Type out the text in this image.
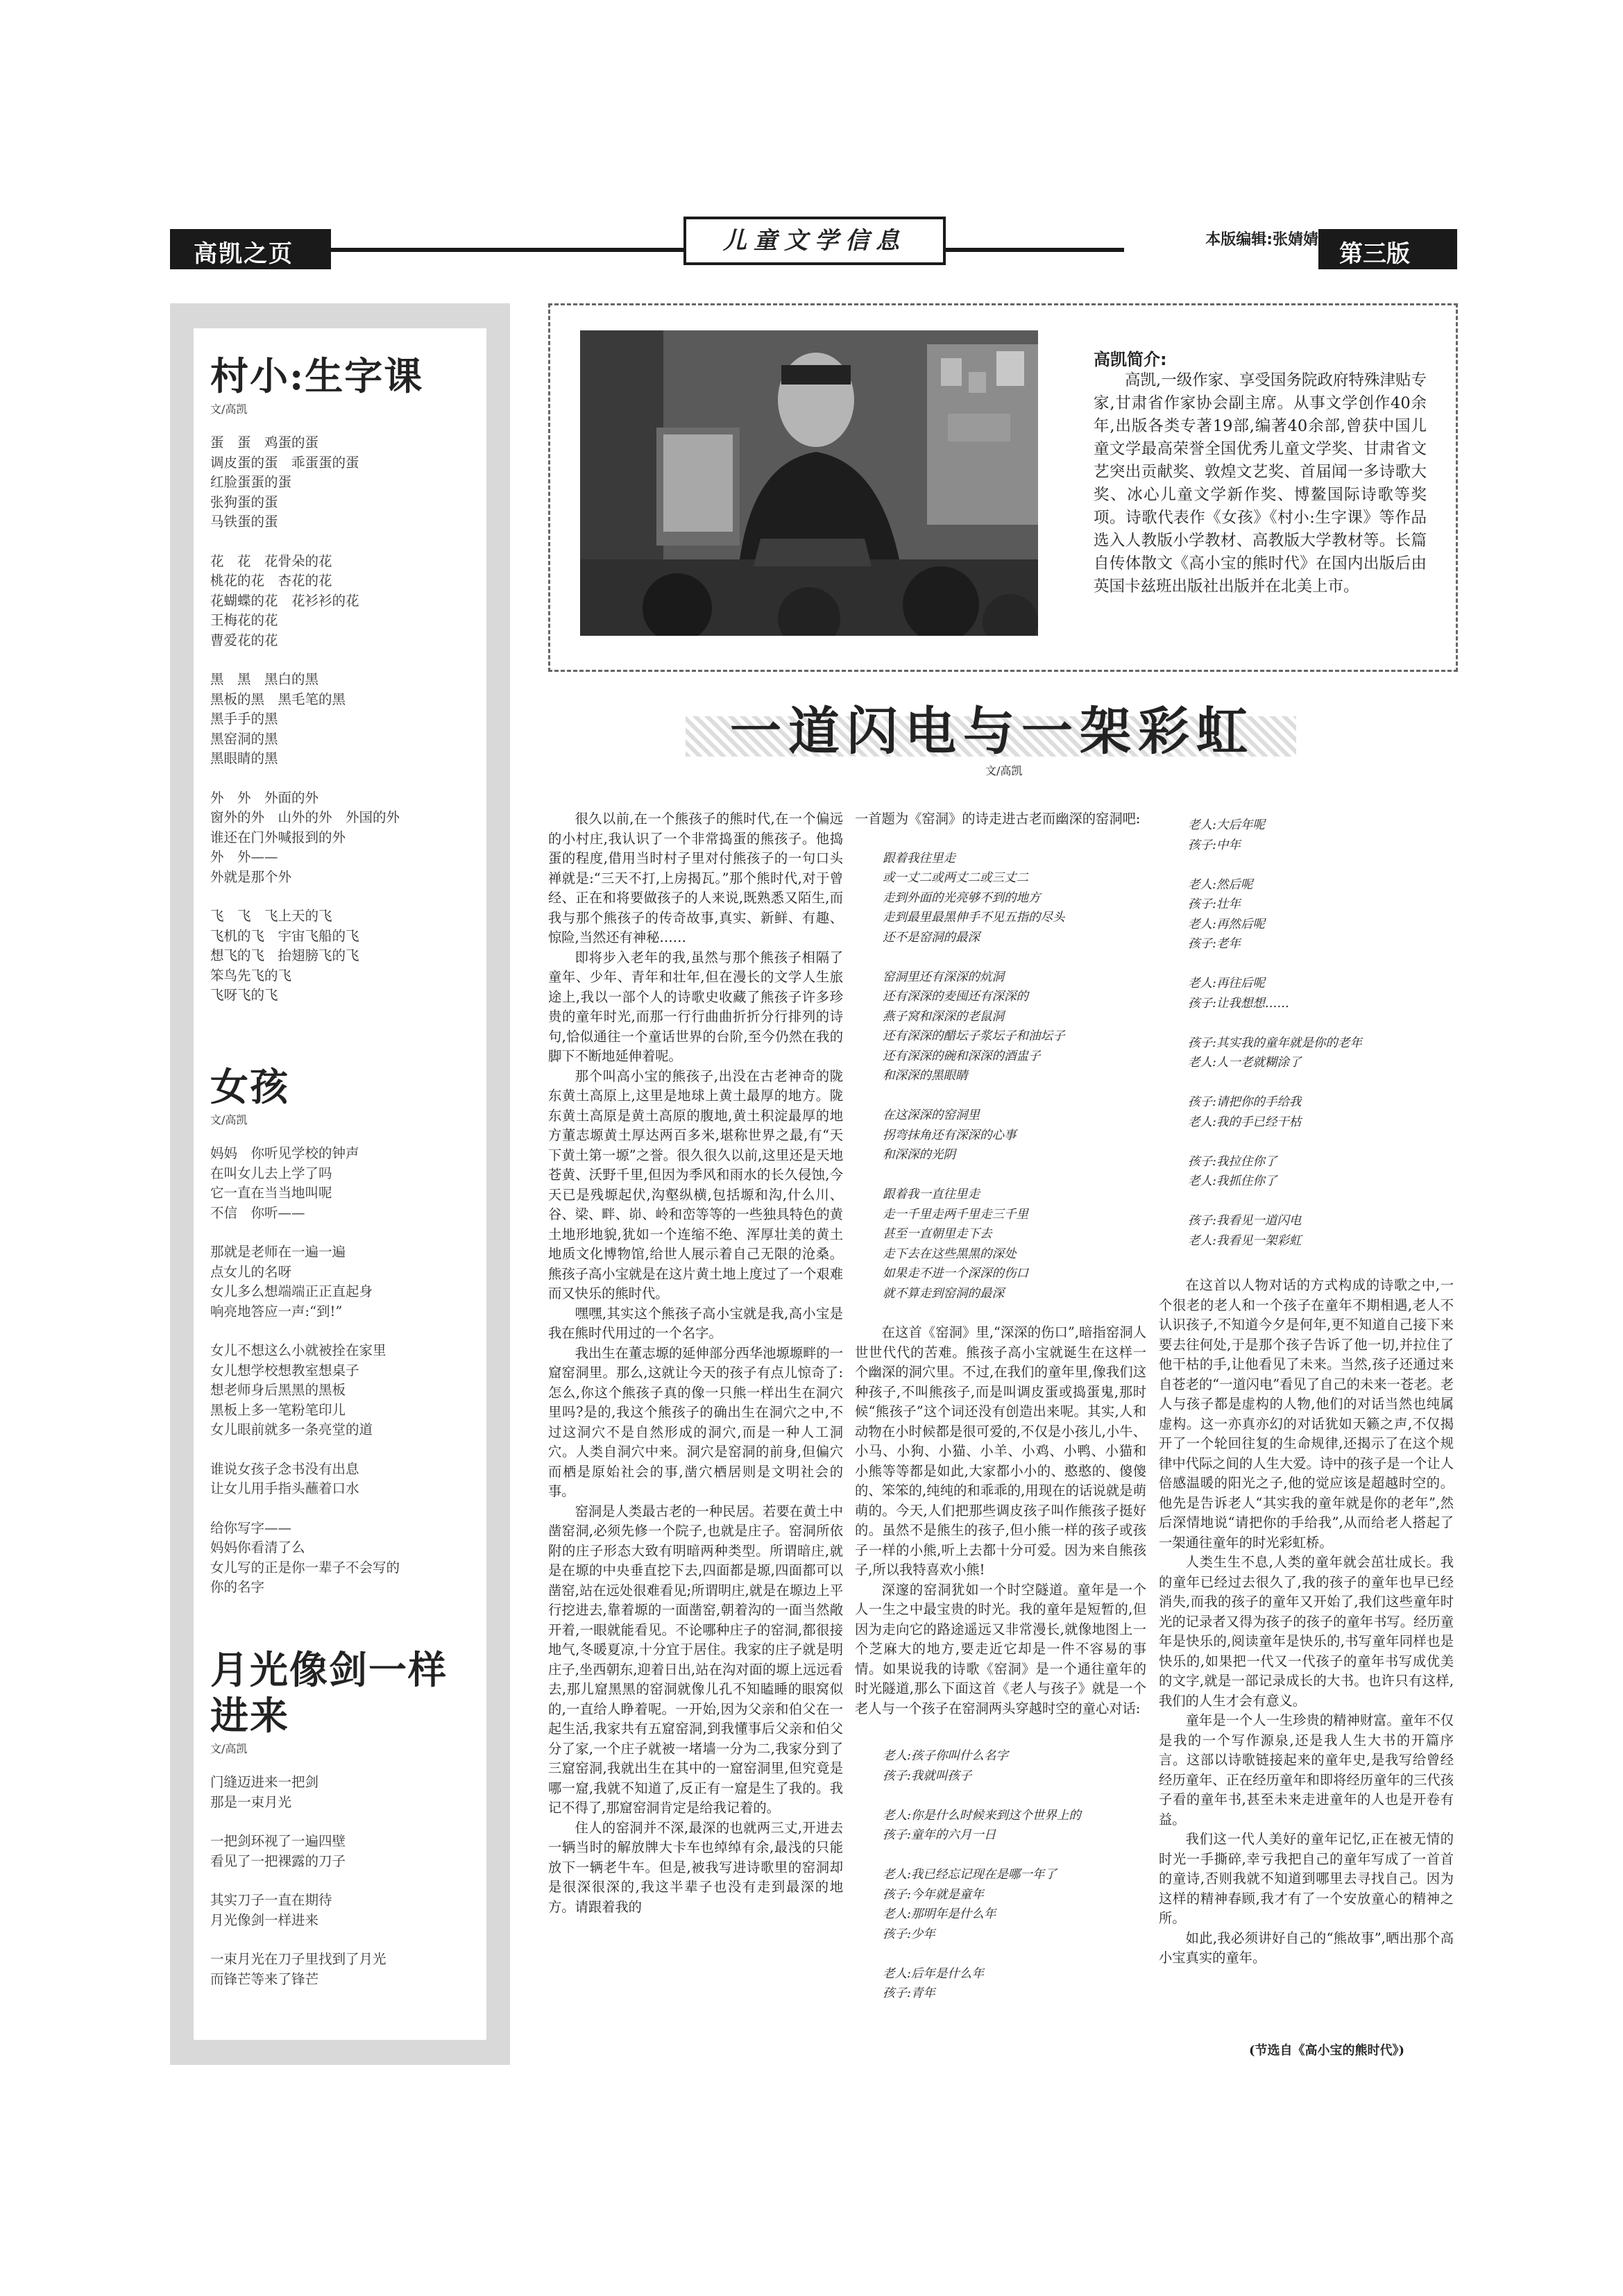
高凯之页	儿童文学信息	本版编辑:张婧婧
第三版
村小:生字课
文/高凯
蛋　蛋　鸡蛋的蛋
调皮蛋的蛋　乖蛋蛋的蛋
红脸蛋蛋的蛋
张狗蛋的蛋
马铁蛋的蛋
花　花　花骨朵的花
桃花的花　杏花的花
花蝴蝶的花　花衫衫的花
王梅花的花
曹爱花的花
黑　黑　黑白的黑
黑板的黑　黑毛笔的黑
黑手手的黑
黑窑洞的黑
黑眼睛的黑
外　外　外面的外
窗外的外　山外的外　外国的外
谁还在门外喊报到的外
外　外——
外就是那个外
飞　飞　飞上天的飞
飞机的飞　宇宙飞船的飞
想飞的飞　抬翅膀飞的飞
笨鸟先飞的飞
飞呀飞的飞
女孩
文/高凯
妈妈　你听见学校的钟声
在叫女儿去上学了吗
它一直在当当地叫呢
不信　你听——
那就是老师在一遍一遍
点女儿的名呀
女儿多么想端端正正直起身
响亮地答应一声:“到!”
女儿不想这么小就被拴在家里
女儿想学校想教室想桌子
想老师身后黑黑的黑板
黑板上多一笔粉笔印儿
女儿眼前就多一条亮堂的道
谁说女孩子念书没有出息
让女儿用手指头蘸着口水
给你写字——
妈妈你看清了么
女儿写的正是你一辈子不会写的
你的名字
月光像剑一样进来
文/高凯
门缝迈进来一把剑
那是一束月光
一把剑环视了一遍四壁
看见了一把裸露的刀子
其实刀子一直在期待
月光像剑一样进来
一束月光在刀子里找到了月光
而锋芒等来了锋芒
高凯简介:
高凯,一级作家、享受国务院政府特殊津贴专家,甘肃省作家协会副主席。从事文学创作40余年,出版各类专著19部,编著40余部,曾获中国儿童文学最高荣誉全国优秀儿童文学奖、甘肃省文艺突出贡献奖、敦煌文艺奖、首届闻一多诗歌大奖、冰心儿童文学新作奖、博鳌国际诗歌等奖项。诗歌代表作《女孩》《村小:生字课》等作品选入人教版小学教材、高教版大学教材等。长篇自传体散文《高小宝的熊时代》在国内出版后由英国卡兹班出版社出版并在北美上市。
一道闪电与一架彩虹
文/高凯

很久以前,在一个熊孩子的熊时代,在一个偏远的小村庄,我认识了一个非常捣蛋的熊孩子。他捣蛋的程度,借用当时村子里对付熊孩子的一句口头禅就是:“三天不打,上房揭瓦。”那个熊时代,对于曾经、正在和将要做孩子的人来说,既熟悉又陌生,而我与那个熊孩子的传奇故事,真实、新鲜、有趣、惊险,当然还有神秘……

即将步入老年的我,虽然与那个熊孩子相隔了童年、少年、青年和壮年,但在漫长的文学人生旅途上,我以一部个人的诗歌史收藏了熊孩子许多珍贵的童年时光,而那一行行曲曲折折分行排列的诗句,恰似通往一个童话世界的台阶,至今仍然在我的脚下不断地延伸着呢。

那个叫高小宝的熊孩子,出没在古老神奇的陇东黄土高原上,这里是地球上黄土最厚的地方。陇东黄土高原是黄土高原的腹地,黄土积淀最厚的地方董志塬黄土厚达两百多米,堪称世界之最,有“天下黄土第一塬”之誉。很久很久以前,这里还是天地苍黄、沃野千里,但因为季风和雨水的长久侵蚀,今天已是残塬起伏,沟壑纵横,包括塬和沟,什么川、谷、梁、畔、峁、岭和峦等等的一些独具特色的黄土地形地貌,犹如一个连缩不绝、浑厚壮美的黄土地质文化博物馆,给世人展示着自己无限的沧桑。熊孩子高小宝就是在这片黄土地上度过了一个艰难而又快乐的熊时代。

嘿嘿,其实这个熊孩子高小宝就是我,高小宝是我在熊时代用过的一个名字。

我出生在董志塬的延伸部分西华池塬塬畔的一窟窑洞里。那么,这就让今天的孩子有点儿惊奇了:怎么,你这个熊孩子真的像一只熊一样出生在洞穴里吗?是的,我这个熊孩子的确出生在洞穴之中,不过这洞穴不是自然形成的洞穴,而是一种人工洞穴。人类自洞穴中来。洞穴是窑洞的前身,但偏穴而栖是原始社会的事,凿穴栖居则是文明社会的事。

窑洞是人类最古老的一种民居。若要在黄土中凿窑洞,必须先修一个院子,也就是庄子。窑洞所依附的庄子形态大致有明暗两种类型。所谓暗庄,就是在塬的中央垂直挖下去,四面都是塬,四面都可以凿窑,站在远处很难看见;所谓明庄,就是在塬边上平行挖进去,靠着塬的一面凿窑,朝着沟的一面当然敞开着,一眼就能看见。不论哪种庄子的窑洞,都很接地气,冬暖夏凉,十分宜于居住。我家的庄子就是明庄子,坐西朝东,迎着日出,站在沟对面的塬上远远看去,那儿窟黑黑的窑洞就像儿孔不知瞌睡的眼窝似的,一直给人睁着呢。一开始,因为父亲和伯父在一起生活,我家共有五窟窑洞,到我懂事后父亲和伯父分了家,一个庄子就被一堵墙一分为二,我家分到了三窟窑洞,我就出生在其中的一窟窑洞里,但究竟是哪一窟,我就不知道了,反正有一窟是生了我的。我记不得了,那窟窑洞肯定是给我记着的。

住人的窑洞并不深,最深的也就两三丈,开进去一辆当时的解放牌大卡车也绰绰有余,最浅的只能放下一辆老牛车。但是,被我写进诗歌里的窑洞却是很深很深的,我这半辈子也没有走到最深的地方。请跟着我的

一首题为《窑洞》的诗走进古老而幽深的窑洞吧:

跟着我往里走
或一丈二或两丈二或三丈二
走到外面的光亮够不到的地方
走到最里最黑伸手不见五指的尽头
还不是窑洞的最深
窑洞里还有深深的炕洞
还有深深的麦囤还有深深的
燕子窝和深深的老鼠洞
还有深深的醋坛子浆坛子和油坛子
还有深深的碗和深深的酒盅子
和深深的黑眼睛
在这深深的窑洞里
拐弯抹角还有深深的心事
和深深的光阴
跟着我一直往里走
走一千里走两千里走三千里
甚至一直朝里走下去
走下去在这些黑黑的深处
如果走不进一个深深的伤口
就不算走到窑洞的最深

在这首《窑洞》里,“深深的伤口”,暗指窑洞人世世代代的苦难。熊孩子高小宝就诞生在这样一个幽深的洞穴里。不过,在我们的童年里,像我们这种孩子,不叫熊孩子,而是叫调皮蛋或捣蛋鬼,那时候“熊孩子”这个词还没有创造出来呢。其实,人和动物在小时候都是很可爱的,不仅是小孩儿,小牛、小马、小狗、小猫、小羊、小鸡、小鸭、小猫和小熊等等都是如此,大家都小小的、憨憨的、傻傻的、笨笨的,纯纯的和乖乖的,用现在的话说就是萌萌的。今天,人们把那些调皮孩子叫作熊孩子挺好的。虽然不是熊生的孩子,但小熊一样的孩子或孩子一样的小熊,听上去都十分可爱。因为来自熊孩子,所以我特喜欢小熊!

深邃的窑洞犹如一个时空隧道。童年是一个人一生之中最宝贵的时光。我的童年是短暂的,但因为走向它的路途遥远又非常漫长,就像地图上一个芝麻大的地方,要走近它却是一件不容易的事情。如果说我的诗歌《窑洞》是一个通往童年的时光隧道,那么下面这首《老人与孩子》就是一个老人与一个孩子在窑洞两头穿越时空的童心对话:

老人:孩子你叫什么名字
孩子:我就叫孩子
老人:你是什么时候来到这个世界上的
孩子:童年的六月一日
老人:我已经忘记现在是哪一年了
孩子:今年就是童年
老人:那明年是什么年
孩子:少年
老人:后年是什么年
孩子:青年
老人:大后年呢
孩子:中年
老人:然后呢
孩子:壮年
老人:再然后呢
孩子:老年
老人:再往后呢
孩子:让我想想……
孩子:其实我的童年就是你的老年
老人:人一老就糊涂了
孩子:请把你的手给我
老人:我的手已经干枯
孩子:我拉住你了
老人:我抓住你了
孩子:我看见一道闪电
老人:我看见一架彩虹

在这首以人物对话的方式构成的诗歌之中,一个很老的老人和一个孩子在童年不期相遇,老人不认识孩子,不知道今夕是何年,更不知道自己接下来要去往何处,于是那个孩子告诉了他一切,并拉住了他干枯的手,让他看见了未来。当然,孩子还通过来自苍老的“一道闪电”看见了自己的未来一苍老。老人与孩子都是虚构的人物,他们的对话当然也纯属虚构。这一亦真亦幻的对话犹如天籁之声,不仅揭开了一个轮回往复的生命规律,还揭示了在这个规律中代际之间的人生大爱。诗中的孩子是一个让人倍感温暖的阳光之子,他的觉应该是超越时空的。他先是告诉老人“其实我的童年就是你的老年”,然后深情地说“请把你的手给我”,从而给老人搭起了一架通往童年的时光彩虹桥。

人类生生不息,人类的童年就会茁壮成长。我的童年已经过去很久了,我的孩子的童年也早已经消失,而我的孩子的童年又开始了,我们这些童年时光的记录者又得为孩子的孩子的童年书写。经历童年是快乐的,阅读童年是快乐的,书写童年同样也是快乐的,如果把一代又一代孩子的童年书写成优美的文字,就是一部记录成长的大书。也许只有这样,我们的人生才会有意义。

童年是一个人一生珍贵的精神财富。童年不仅是我的一个写作源泉,还是我人生大书的开篇序言。这部以诗歌链接起来的童年史,是我写给曾经经历童年、正在经历童年和即将经历童年的三代孩子看的童年书,甚至未来走进童年的人也是开卷有益。

我们这一代人美好的童年记忆,正在被无情的时光一手撕碎,幸亏我把自己的童年写成了一首首的童诗,否则我就不知道到哪里去寻找自己。因为这样的精神春顾,我才有了一个安放童心的精神之所。

如此,我必须讲好自己的“熊故事”,晒出那个高小宝真实的童年。

(节选自《高小宝的熊时代》)
